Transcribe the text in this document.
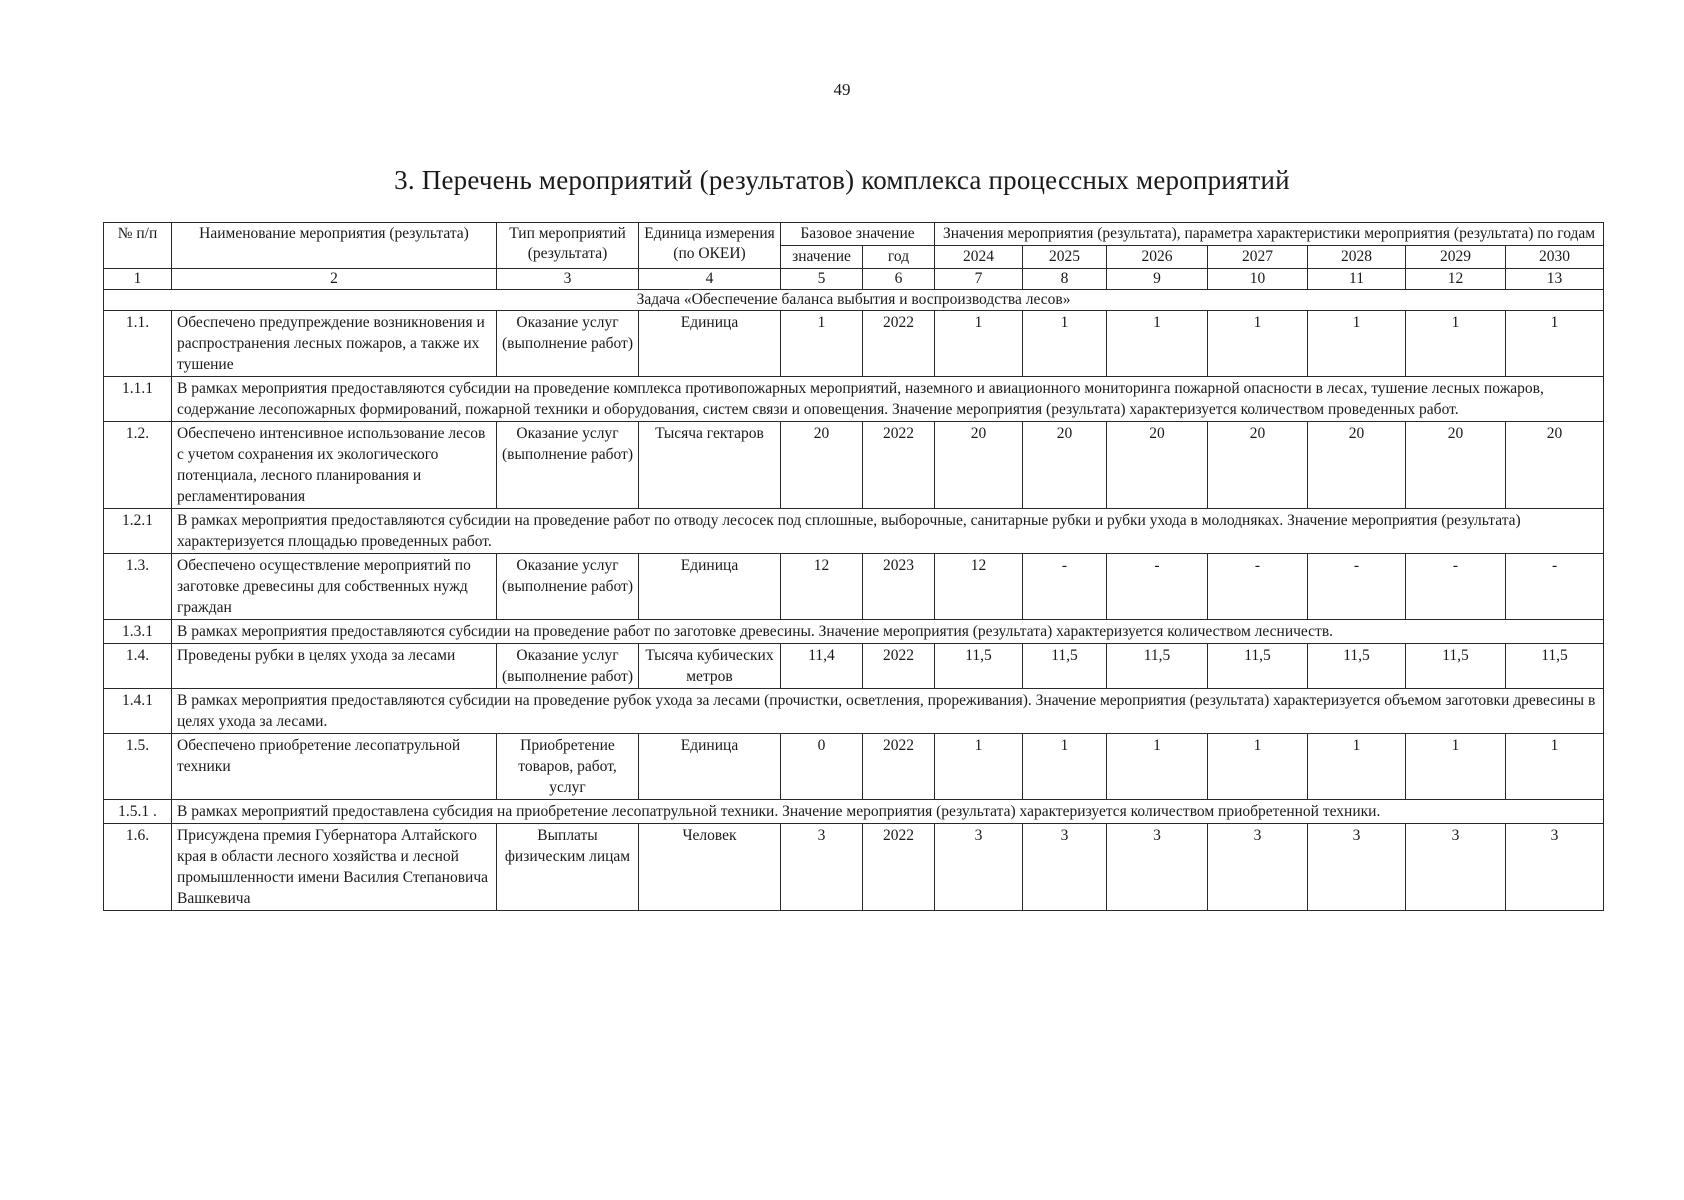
49
3. Перечень мероприятий (результатов) комплекса процессных мероприятий
№ п/п	Наименование мероприятия (результата)	Тип мероприятий (результата)	Единица измерения (по ОКЕИ)	Базовое значение		Значения мероприятия (результата), параметра характеристики мероприятия (результата) по годам						

				значение	год	2024	2025	2026	2027	2028	2029	2030
1	2	3	4	5	6	7	8	9	10	11	12	13
Задача «Обеспечение баланса выбытия и воспроизводства лесов»												
1.1.	Обеспечено предупреждение возникновения и распространения лесных пожаров, а также их тушение	Оказание услуг (выполнение работ)	Единица	1	2022	1	1	1	1	1	1	1
1.1.1	В рамках мероприятия предоставляются субсидии на проведение комплекса противопожарных мероприятий, наземного и авиационного мониторинга пожарной опасности в лесах, тушение лесных пожаров, содержание лесопожарных формирований, пожарной техники и оборудования, систем связи и оповещения. Значение мероприятия (результата) характеризуется количеством проведенных работ.											
1.2.	Обеспечено интенсивное использование лесов с учетом сохранения их экологического потенциала, лесного планирования и регламентирования	Оказание услуг (выполнение работ)	Тысяча гектаров	20	2022	20	20	20	20	20	20	20
1.2.1	В рамках мероприятия предоставляются субсидии на проведение работ по отводу лесосек под сплошные, выборочные, санитарные рубки и рубки ухода в молодняках. Значение мероприятия (результата) характеризуется площадью проведенных работ.											
1.3.	Обеспечено осуществление мероприятий по заготовке древесины для собственных нужд граждан	Оказание услуг (выполнение работ)	Единица	12	2023	12	-	-	-	-	-	-
1.3.1	В рамках мероприятия предоставляются субсидии на проведение работ по заготовке древесины. Значение мероприятия (результата) характеризуется количеством лесничеств.											
1.4.	Проведены рубки в целях ухода за лесами	Оказание услуг (выполнение работ)	Тысяча кубических метров	11,4	2022	11,5	11,5	11,5	11,5	11,5	11,5	11,5
1.4.1	В рамках мероприятия предоставляются субсидии на проведение рубок ухода за лесами (прочистки, осветления, прореживания). Значение мероприятия (результата) характеризуется объемом заготовки древесины в целях ухода за лесами.											
1.5.	Обеспечено приобретение лесопатрульной техники	Приобретение товаров, работ, услуг	Единица	0	2022	1	1	1	1	1	1	1
1.5.1 .	В рамках мероприятий предоставлена субсидия на приобретение лесопатрульной техники. Значение мероприятия (результата) характеризуется количеством приобретенной техники.											
1.6.	Присуждена премия Губернатора Алтайского края в области лесного хозяйства и лесной промышленности имени Василия Степановича Вашкевича	Выплаты физическим лицам	Человек	3	2022	3	3	3	3	3	3	3
